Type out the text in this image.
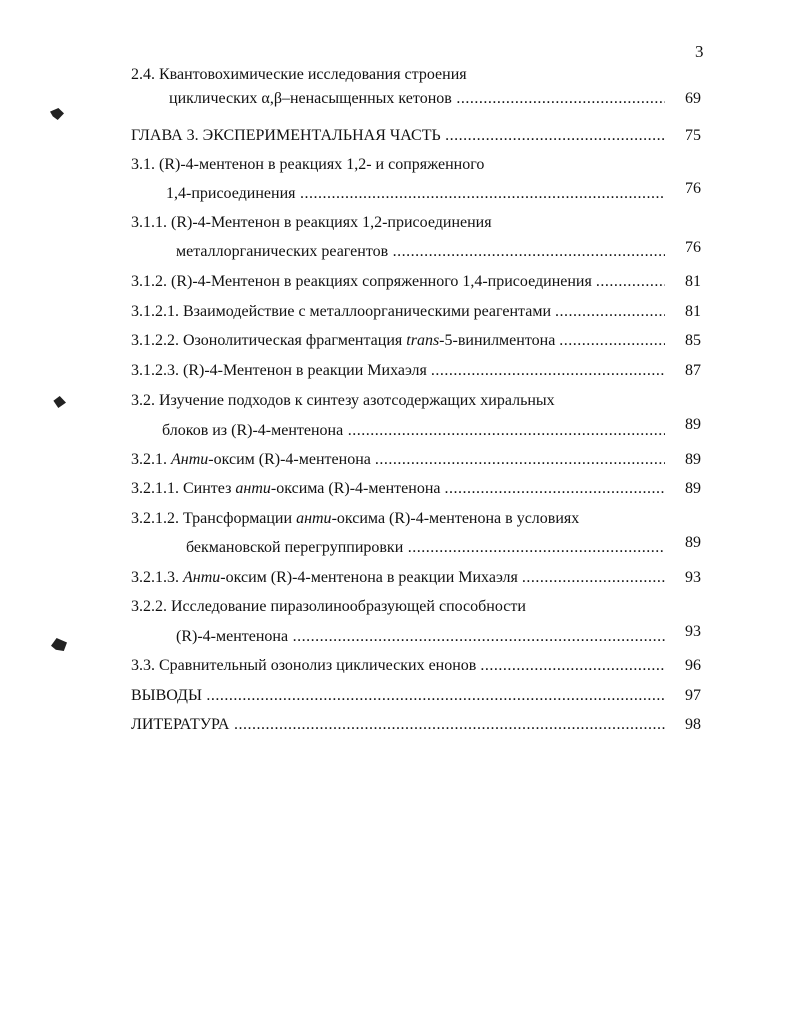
3
2.4. Квантовохимические исследования строения
циклических α,β–ненасыщенных кетонов .....	69
ГЛАВА 3. ЭКСПЕРИМЕНТАЛЬНАЯ ЧАСТЬ .....	75
3.1. (R)-4-ментенон в реакциях 1,2- и сопряженного
1,4-присоединения .....	76
3.1.1. (R)-4-Ментенон в реакциях 1,2-присоединения
металлорганических реагентов .....	76
3.1.2. (R)-4-Ментенон в реакциях сопряженного 1,4-присоединения .....	81
3.1.2.1. Взаимодействие с металлоорганическими реагентами .....	81
3.1.2.2. Озонолитическая фрагментация trans-5-винилментона .....	85
3.1.2.3. (R)-4-Ментенон в реакции Михаэля .....	87
3.2. Изучение подходов к синтезу азотсодержащих хиральных
блоков из (R)-4-ментенона .....	89
3.2.1. Анти-оксим (R)-4-ментенона .....	89
3.2.1.1. Синтез анти-оксима (R)-4-ментенона .....	89
3.2.1.2. Трансформации анти-оксима (R)-4-ментенона в условиях
бекмановской перегруппировки .....	89
3.2.1.3. Анти-оксим (R)-4-ментенона в реакции Михаэля .....	93
3.2.2. Исследование пиразолинообразующей способности
(R)-4-ментенона .....	93
3.3. Сравнительный озонолиз циклических енонов .....	96
ВЫВОДЫ .....	97
ЛИТЕРАТУРА .....	98
